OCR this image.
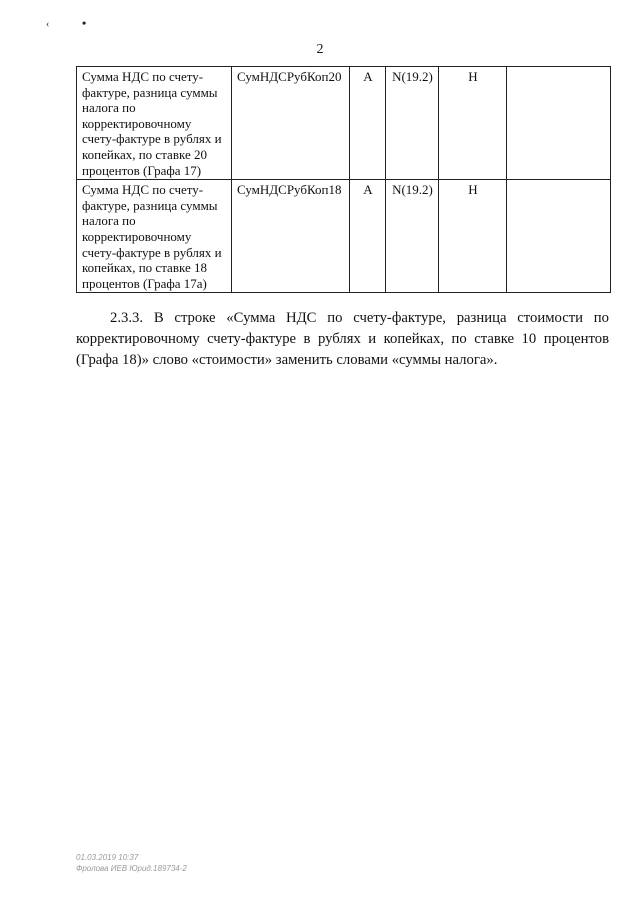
‹	•
2
Сумма НДС по счету-фактуре, разница суммы налога по корректировочному счету-фактуре в рублях и копейках, по ставке 20 процентов (Графа 17)	СумНДСРубКоп20	А	N(19.2)	Н	
Сумма НДС по счету-фактуре, разница суммы налога по корректировочному счету-фактуре в рублях и копейках, по ставке 18 процентов (Графа 17а)	СумНДСРубКоп18	А	N(19.2)	Н	

2.3.3. В строке «Сумма НДС по счету-фактуре, разница стоимости по корректировочному счету-фактуре в рублях и копейках, по ставке 10 процентов (Графа 18)» слово «стоимости» заменить словами «суммы налога».

01.03.2019 10:37
Фролова ИЕВ Юрид.189734-2
